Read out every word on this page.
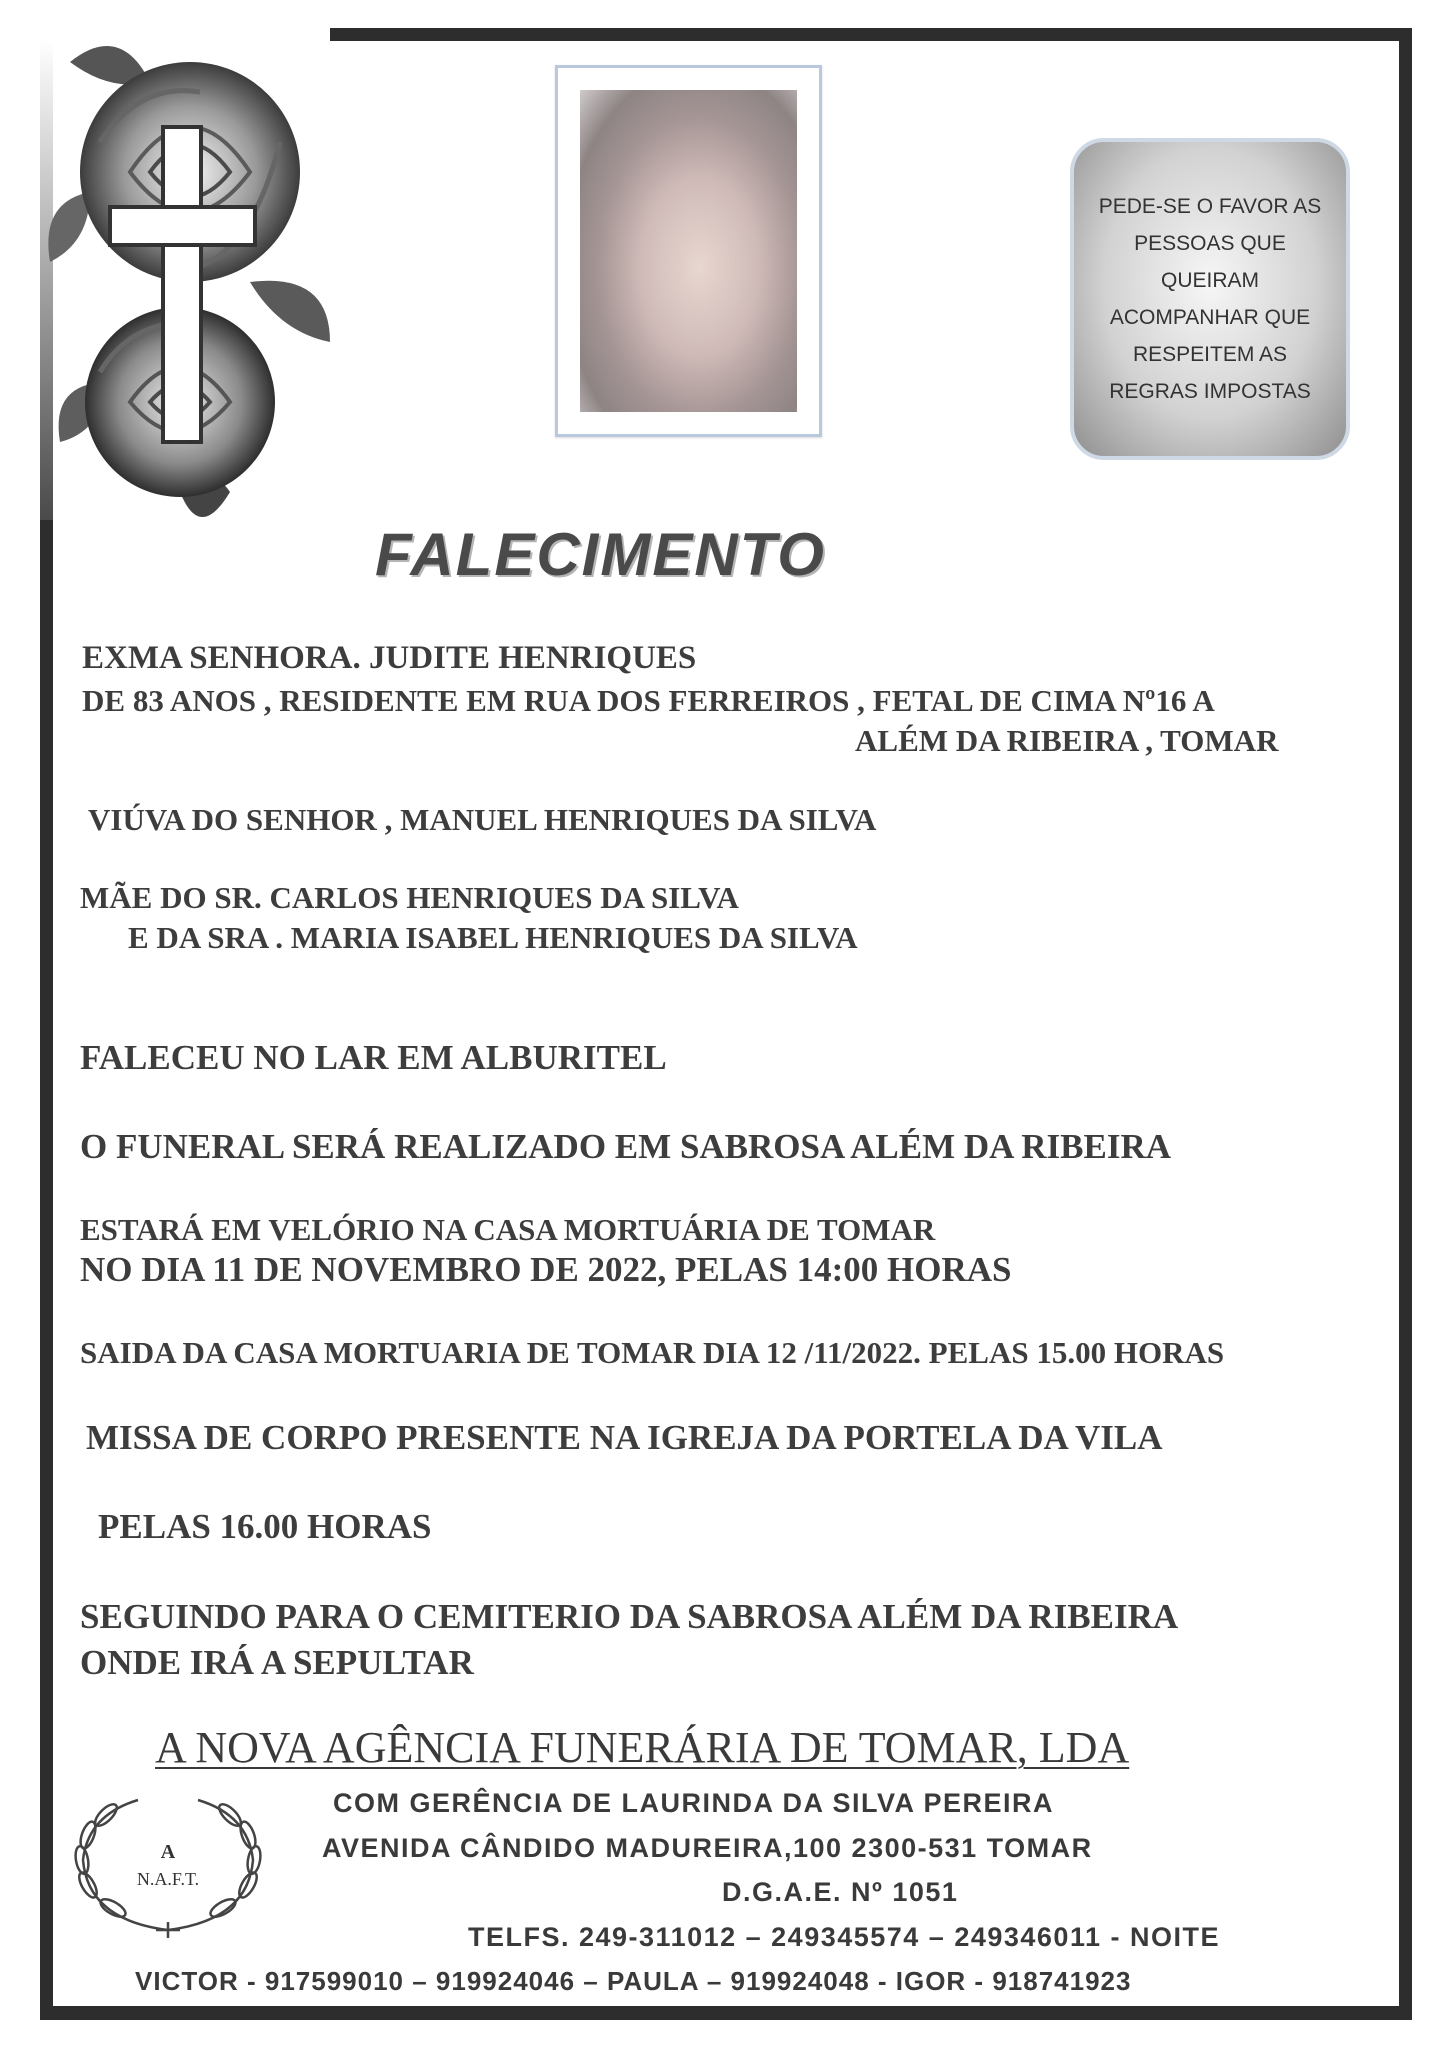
PEDE-SE O FAVOR AS
PESSOAS QUE
QUEIRAM
ACOMPANHAR QUE
RESPEITEM AS
REGRAS IMPOSTAS
FALECIMENTO
EXMA SENHORA. JUDITE HENRIQUES
DE 83 ANOS , RESIDENTE EM RUA DOS FERREIROS , FETAL DE CIMA Nº16 A
ALÉM DA RIBEIRA , TOMAR
VIÚVA DO SENHOR , MANUEL HENRIQUES DA SILVA
MÃE DO SR. CARLOS HENRIQUES DA SILVA
E DA SRA . MARIA ISABEL HENRIQUES DA SILVA
FALECEU NO LAR EM ALBURITEL
O FUNERAL SERÁ REALIZADO EM SABROSA ALÉM DA RIBEIRA
ESTARÁ EM VELÓRIO NA CASA MORTUÁRIA DE TOMAR
NO DIA 11 DE NOVEMBRO DE 2022, PELAS 14:00 HORAS
SAIDA DA CASA MORTUARIA DE TOMAR DIA 12 /11/2022. PELAS 15.00 HORAS
MISSA DE CORPO PRESENTE NA IGREJA DA PORTELA DA VILA
PELAS 16.00 HORAS
SEGUINDO PARA O CEMITERIO DA SABROSA ALÉM DA RIBEIRA
ONDE IRÁ A SEPULTAR
A NOVA AGÊNCIA FUNERÁRIA DE TOMAR, LDA
A
N.A.F.T.
COM GERÊNCIA DE LAURINDA DA SILVA PEREIRA
AVENIDA CÂNDIDO MADUREIRA,100 2300-531 TOMAR
D.G.A.E. Nº 1051
TELFS. 249-311012 – 249345574 – 249346011 - NOITE
VICTOR - 917599010 – 919924046 – PAULA – 919924048 - IGOR - 918741923
